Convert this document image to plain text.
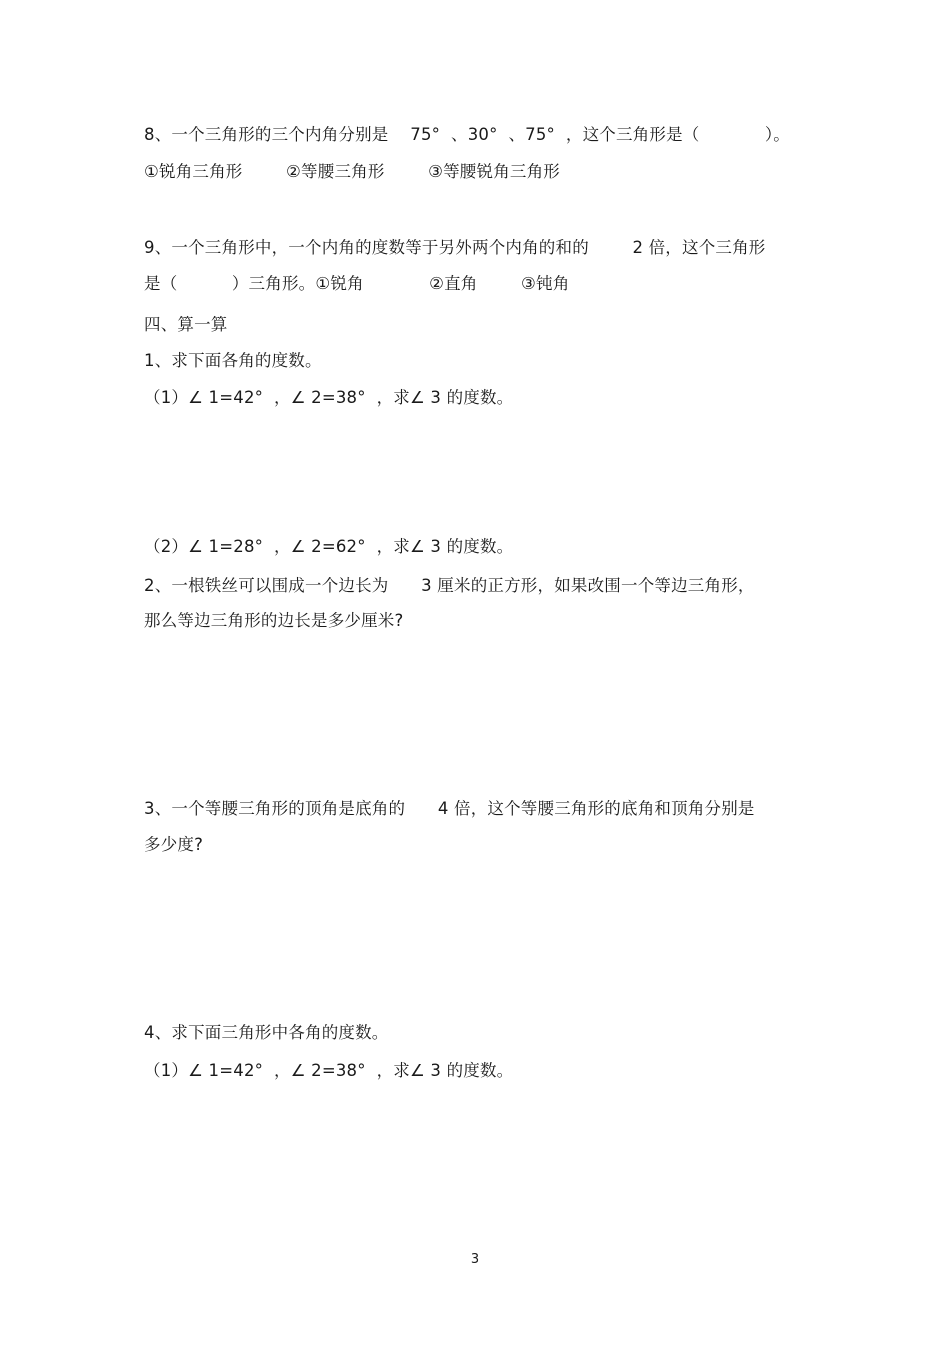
8、一个三角形的三个内角分别是    75°  、30°  、75°  ，这个三角形是（            ）。
①锐角三角形        ②等腰三角形        ③等腰锐角三角形
9、一个三角形中，一个内角的度数等于另外两个内角的和的        2 倍，这个三角形
是（          ）三角形。①锐角            ②直角        ③钝角
四、算一算
1、求下面各角的度数。
（1）∠ 1=42°  ，∠ 2=38°  ，求∠ 3 的度数。
（2）∠ 1=28°  ，∠ 2=62°  ，求∠ 3 的度数。
2、一根铁丝可以围成一个边长为      3 厘米的正方形，如果改围一个等边三角形，
那么等边三角形的边长是多少厘米?
3、一个等腰三角形的顶角是底角的      4 倍，这个等腰三角形的底角和顶角分别是
多少度?
4、求下面三角形中各角的度数。
（1）∠ 1=42°  ，∠ 2=38°  ，求∠ 3 的度数。
3
